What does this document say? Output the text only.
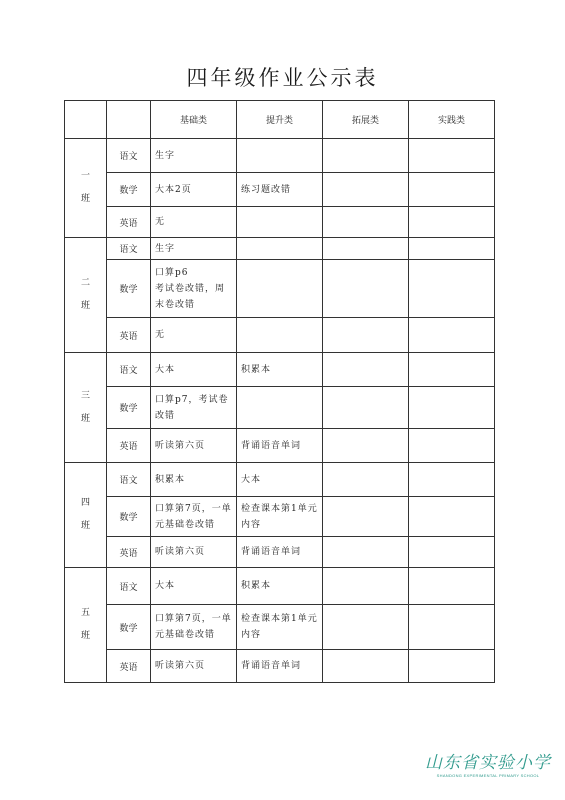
四年级作业公示表
		基础类	提升类	拓展类	实践类

一
班	语文	生字			
	数学	大本2页	练习题改错		
	英语	无			

二
班	语文	生字			
	数学	口算p6
考试卷改错，周末卷改错			
	英语	无			

三
班	语文	大本	积累本		
	数学	口算p7，考试卷改错			
	英语	听读第六页	背诵语音单词		

四
班	语文	积累本	大本		
	数学	口算第7页，一单元基础卷改错	检查课本第1单元内容		
	英语	听读第六页	背诵语音单词		

五
班	语文	大本	积累本		
	数学	口算第7页，一单元基础卷改错	检查课本第1单元内容		
	英语	听读第六页	背诵语音单词		
山东省实验小学
SHANDONG EXPERIMENTAL PRIMARY SCHOOL
